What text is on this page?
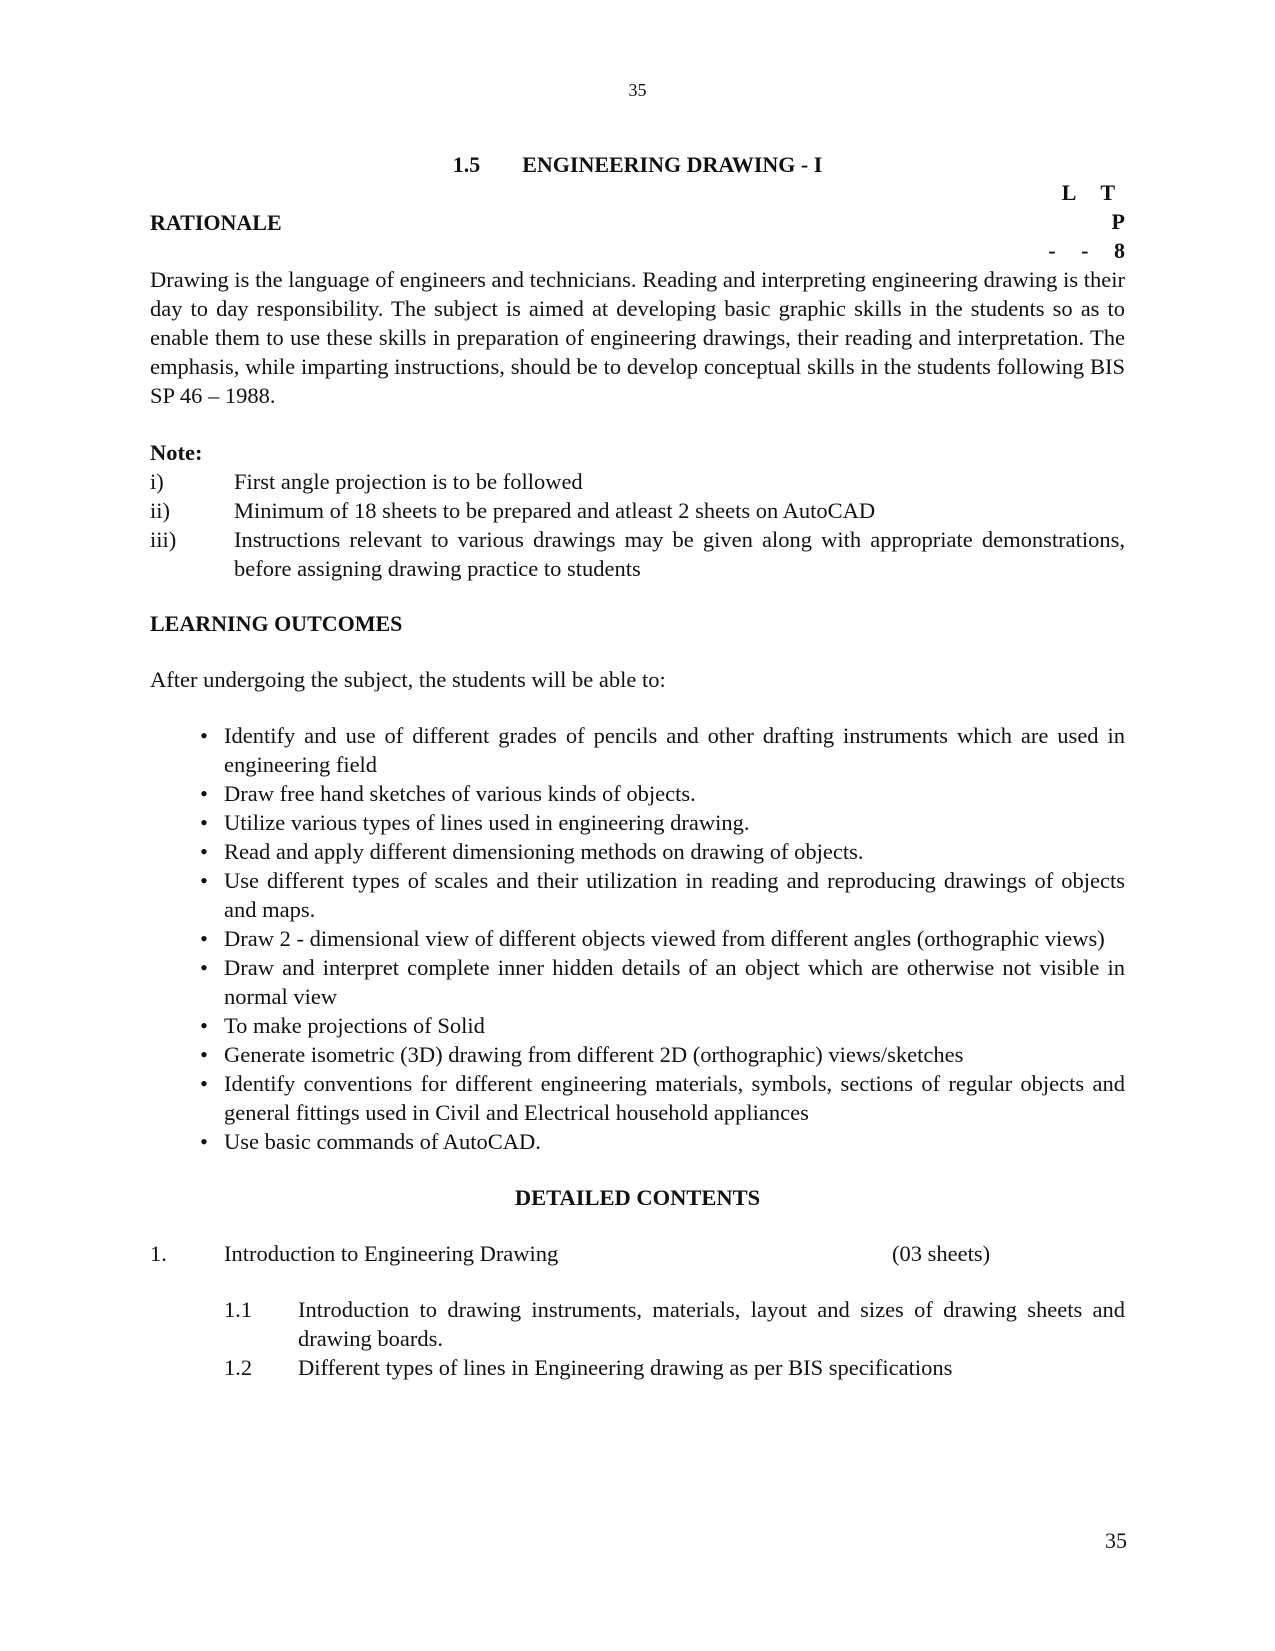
35
1.5 ENGINEERING DRAWING - I
L T P
- - 8
RATIONALE

Drawing is the language of engineers and technicians. Reading and interpreting engineering drawing is their day to day responsibility. The subject is aimed at developing basic graphic skills in the students so as to enable them to use these skills in preparation of engineering drawings, their reading and interpretation. The emphasis, while imparting instructions, should be to develop conceptual skills in the students following BIS SP 46 – 1988.

Note:
i)	First angle projection is to be followed
ii)	Minimum of 18 sheets to be prepared and atleast 2 sheets on AutoCAD
iii)	Instructions relevant to various drawings may be given along with appropriate demonstrations, before assigning drawing practice to students
LEARNING OUTCOMES
After undergoing the subject, the students will be able to:
• Identify and use of different grades of pencils and other drafting instruments which are used in engineering field
• Draw free hand sketches of various kinds of objects.
• Utilize various types of lines used in engineering drawing.
• Read and apply different dimensioning methods on drawing of objects.
• Use different types of scales and their utilization in reading and reproducing drawings of objects and maps.
• Draw 2 - dimensional view of different objects viewed from different angles (orthographic views)
• Draw and interpret complete inner hidden details of an object which are otherwise not visible in normal view
• To make projections of Solid
• Generate isometric (3D) drawing from different 2D (orthographic) views/sketches
• Identify conventions for different engineering materials, symbols, sections of regular objects and general fittings used in Civil and Electrical household appliances
• Use basic commands of AutoCAD.
DETAILED CONTENTS
1.	Introduction to Engineering Drawing	(03 sheets)
1.1	Introduction to drawing instruments, materials, layout and sizes of drawing sheets and drawing boards.
1.2	Different types of lines in Engineering drawing as per BIS specifications
35
